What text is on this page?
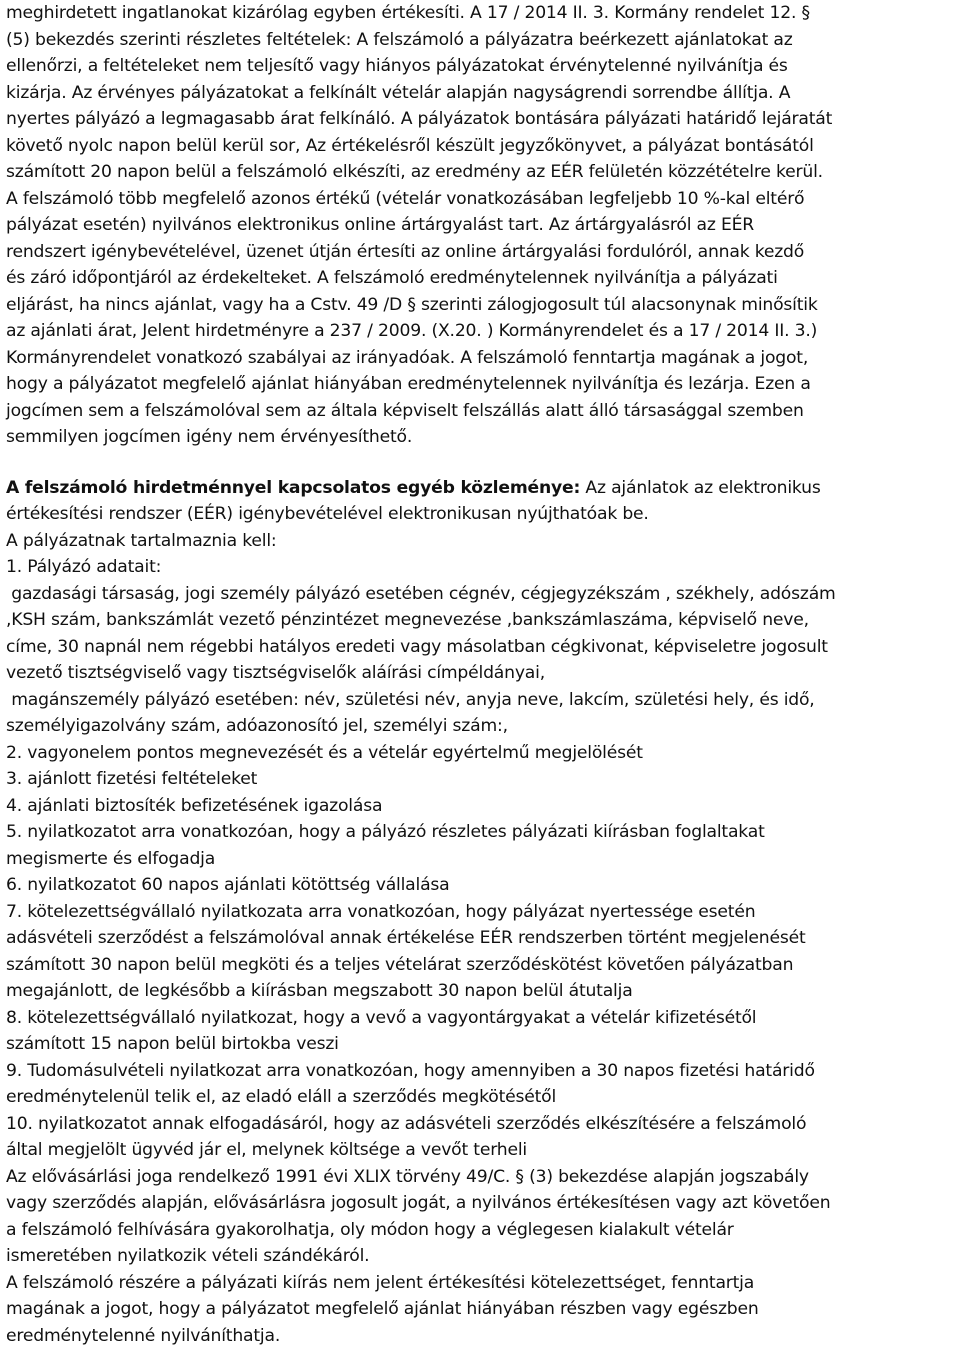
meghirdetett ingatlanokat kizárólag egyben értékesíti. A 17 / 2014 II. 3. Kormány rendelet 12. §
(5) bekezdés szerinti részletes feltételek: A felszámoló a pályázatra beérkezett ajánlatokat az
ellenőrzi, a feltételeket nem teljesítő vagy hiányos pályázatokat érvénytelenné nyilvánítja és
kizárja. Az érvényes pályázatokat a felkínált vételár alapján nagyságrendi sorrendbe állítja. A
nyertes pályázó a legmagasabb árat felkínáló. A pályázatok bontására pályázati határidő lejáratát
követő nyolc napon belül kerül sor, Az értékelésről készült jegyzőkönyvet, a pályázat bontásától
számított 20 napon belül a felszámoló elkészíti, az eredmény az EÉR felületén közzétételre kerül.
A felszámoló több megfelelő azonos értékű (vételár vonatkozásában legfeljebb 10 %-kal eltérő
pályázat esetén) nyilvános elektronikus online ártárgyalást tart. Az ártárgyalásról az EÉR
rendszert igénybevételével, üzenet útján értesíti az online ártárgyalási fordulóról, annak kezdő
és záró időpontjáról az érdekelteket. A felszámoló eredménytelennek nyilvánítja a pályázati
eljárást, ha nincs ajánlat, vagy ha a Cstv. 49 /D § szerinti zálogjogosult túl alacsonynak minősítik
az ajánlati árat, Jelent hirdetményre a 237 / 2009. (X.20. ) Kormányrendelet és a 17 / 2014 II. 3.)
Kormányrendelet vonatkozó szabályai az irányadóak. A felszámoló fenntartja magának a jogot,
hogy a pályázatot megfelelő ajánlat hiányában eredménytelennek nyilvánítja és lezárja. Ezen a
jogcímen sem a felszámolóval sem az általa képviselt felszállás alatt álló társasággal szemben
semmilyen jogcímen igény nem érvényesíthető.
A felszámoló hirdetménnyel kapcsolatos egyéb közleménye: Az ajánlatok az elektronikus
értékesítési rendszer (EÉR) igénybevételével elektronikusan nyújthatóak be.
A pályázatnak tartalmaznia kell:
1. Pályázó adatait:
gazdasági társaság, jogi személy pályázó esetében cégnév, cégjegyzékszám , székhely, adószám
,KSH szám, bankszámlát vezető pénzintézet megnevezése ,bankszámlaszáma, képviselő neve,
címe, 30 napnál nem régebbi hatályos eredeti vagy másolatban cégkivonat, képviseletre jogosult
vezető tisztségviselő vagy tisztségviselők aláírási címpéldányai,
magánszemély pályázó esetében: név, születési név, anyja neve, lakcím, születési hely, és idő,
személyigazolvány szám, adóazonosító jel, személyi szám:,
2. vagyonelem pontos megnevezését és a vételár egyértelmű megjelölését
3. ajánlott fizetési feltételeket
4. ajánlati biztosíték befizetésének igazolása
5. nyilatkozatot arra vonatkozóan, hogy a pályázó részletes pályázati kiírásban foglaltakat
megismerte és elfogadja
6. nyilatkozatot 60 napos ajánlati kötöttség vállalása
7. kötelezettségvállaló nyilatkozata arra vonatkozóan, hogy pályázat nyertessége esetén
adásvételi szerződést a felszámolóval annak értékelése EÉR rendszerben történt megjelenését
számított 30 napon belül megköti és a teljes vételárat szerződéskötést követően pályázatban
megajánlott, de legkésőbb a kiírásban megszabott 30 napon belül átutalja
8. kötelezettségvállaló nyilatkozat, hogy a vevő a vagyontárgyakat a vételár kifizetésétől
számított 15 napon belül birtokba veszi
9. Tudomásulvételi nyilatkozat arra vonatkozóan, hogy amennyiben a 30 napos fizetési határidő
eredménytelenül telik el, az eladó eláll a szerződés megkötésétől
10. nyilatkozatot annak elfogadásáról, hogy az adásvételi szerződés elkészítésére a felszámoló
által megjelölt ügyvéd jár el, melynek költsége a vevőt terheli
Az elővásárlási joga rendelkező 1991 évi XLIX törvény 49/C. § (3) bekezdése alapján jogszabály
vagy szerződés alapján, elővásárlásra jogosult jogát, a nyilvános értékesítésen vagy azt követően
a felszámoló felhívására gyakorolhatja, oly módon hogy a véglegesen kialakult vételár
ismeretében nyilatkozik vételi szándékáról.
A felszámoló részére a pályázati kiírás nem jelent értékesítési kötelezettséget, fenntartja
magának a jogot, hogy a pályázatot megfelelő ajánlat hiányában részben vagy egészben
eredménytelenné nyilváníthatja.
